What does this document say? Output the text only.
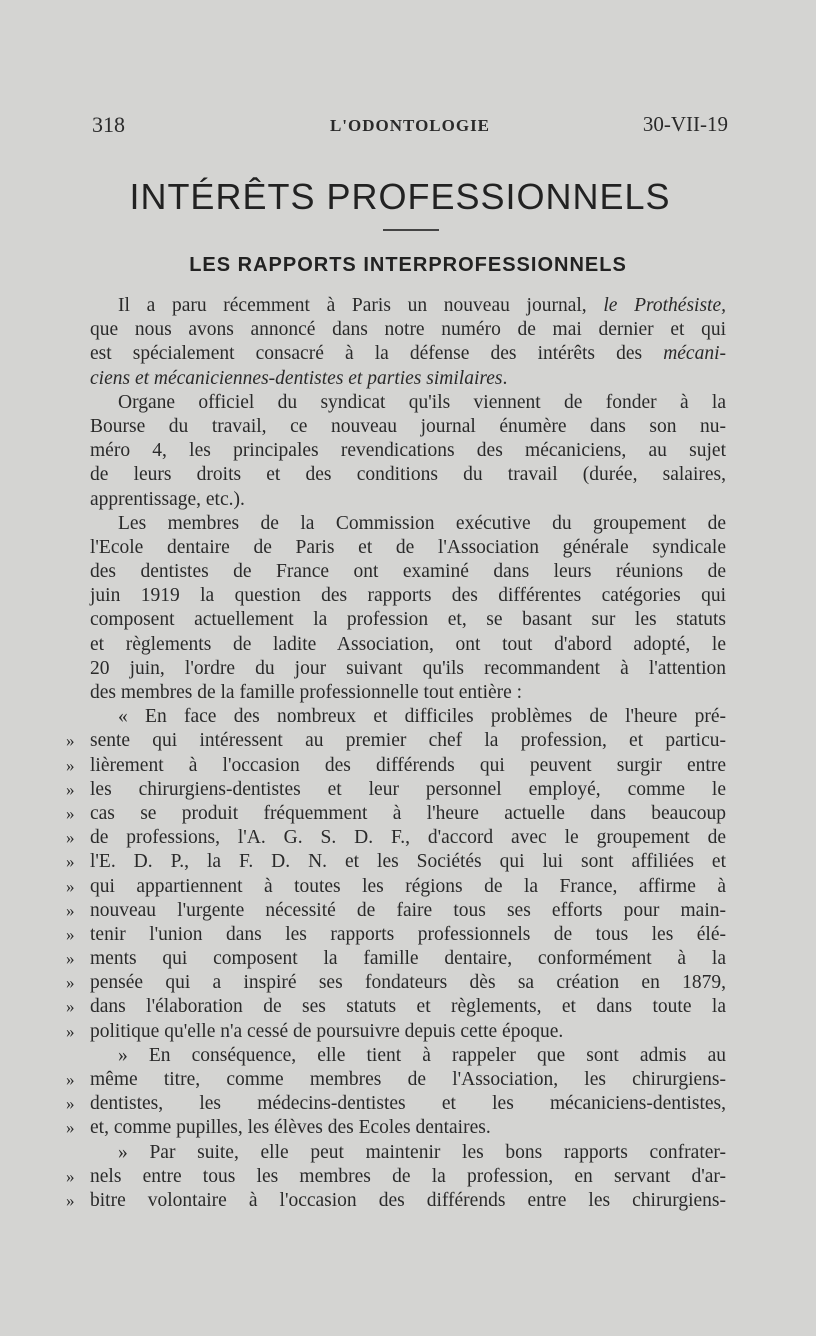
318	L'ODONTOLOGIE	30-VII-19
INTÉRÊTS PROFESSIONNELS
LES RAPPORTS INTERPROFESSIONNELS
Il a paru récemment à Paris un nouveau journal, le Prothésiste,
que nous avons annoncé dans notre numéro de mai dernier et qui
est spécialement consacré à la défense des intérêts des mécani-
ciens et mécaniciennes-dentistes et parties similaires.
Organe officiel du syndicat qu'ils viennent de fonder à la
Bourse du travail, ce nouveau journal énumère dans son nu-
méro 4, les principales revendications des mécaniciens, au sujet
de leurs droits et des conditions du travail (durée, salaires,
apprentissage, etc.).
Les membres de la Commission exécutive du groupement de
l'Ecole dentaire de Paris et de l'Association générale syndicale
des dentistes de France ont examiné dans leurs réunions de
juin 1919 la question des rapports des différentes catégories qui
composent actuellement la profession et, se basant sur les statuts
et règlements de ladite Association, ont tout d'abord adopté, le
20 juin, l'ordre du jour suivant qu'ils recommandent à l'attention
des membres de la famille professionnelle tout entière :
« En face des nombreux et difficiles problèmes de l'heure pré-
» sente qui intéressent au premier chef la profession, et particu-
» lièrement à l'occasion des différends qui peuvent surgir entre
» les chirurgiens-dentistes et leur personnel employé, comme le
» cas se produit fréquemment à l'heure actuelle dans beaucoup
» de professions, l'A. G. S. D. F., d'accord avec le groupement de
» l'E. D. P., la F. D. N. et les Sociétés qui lui sont affiliées et
» qui appartiennent à toutes les régions de la France, affirme à
» nouveau l'urgente nécessité de faire tous ses efforts pour main-
» tenir l'union dans les rapports professionnels de tous les élé-
» ments qui composent la famille dentaire, conformément à la
» pensée qui a inspiré ses fondateurs dès sa création en 1879,
» dans l'élaboration de ses statuts et règlements, et dans toute la
» politique qu'elle n'a cessé de poursuivre depuis cette époque.
» En conséquence, elle tient à rappeler que sont admis au
» même titre, comme membres de l'Association, les chirurgiens-
» dentistes, les médecins-dentistes et les mécaniciens-dentistes,
» et, comme pupilles, les élèves des Ecoles dentaires.
» Par suite, elle peut maintenir les bons rapports confrater-
» nels entre tous les membres de la profession, en servant d'ar-
» bitre volontaire à l'occasion des différends entre les chirurgiens-
